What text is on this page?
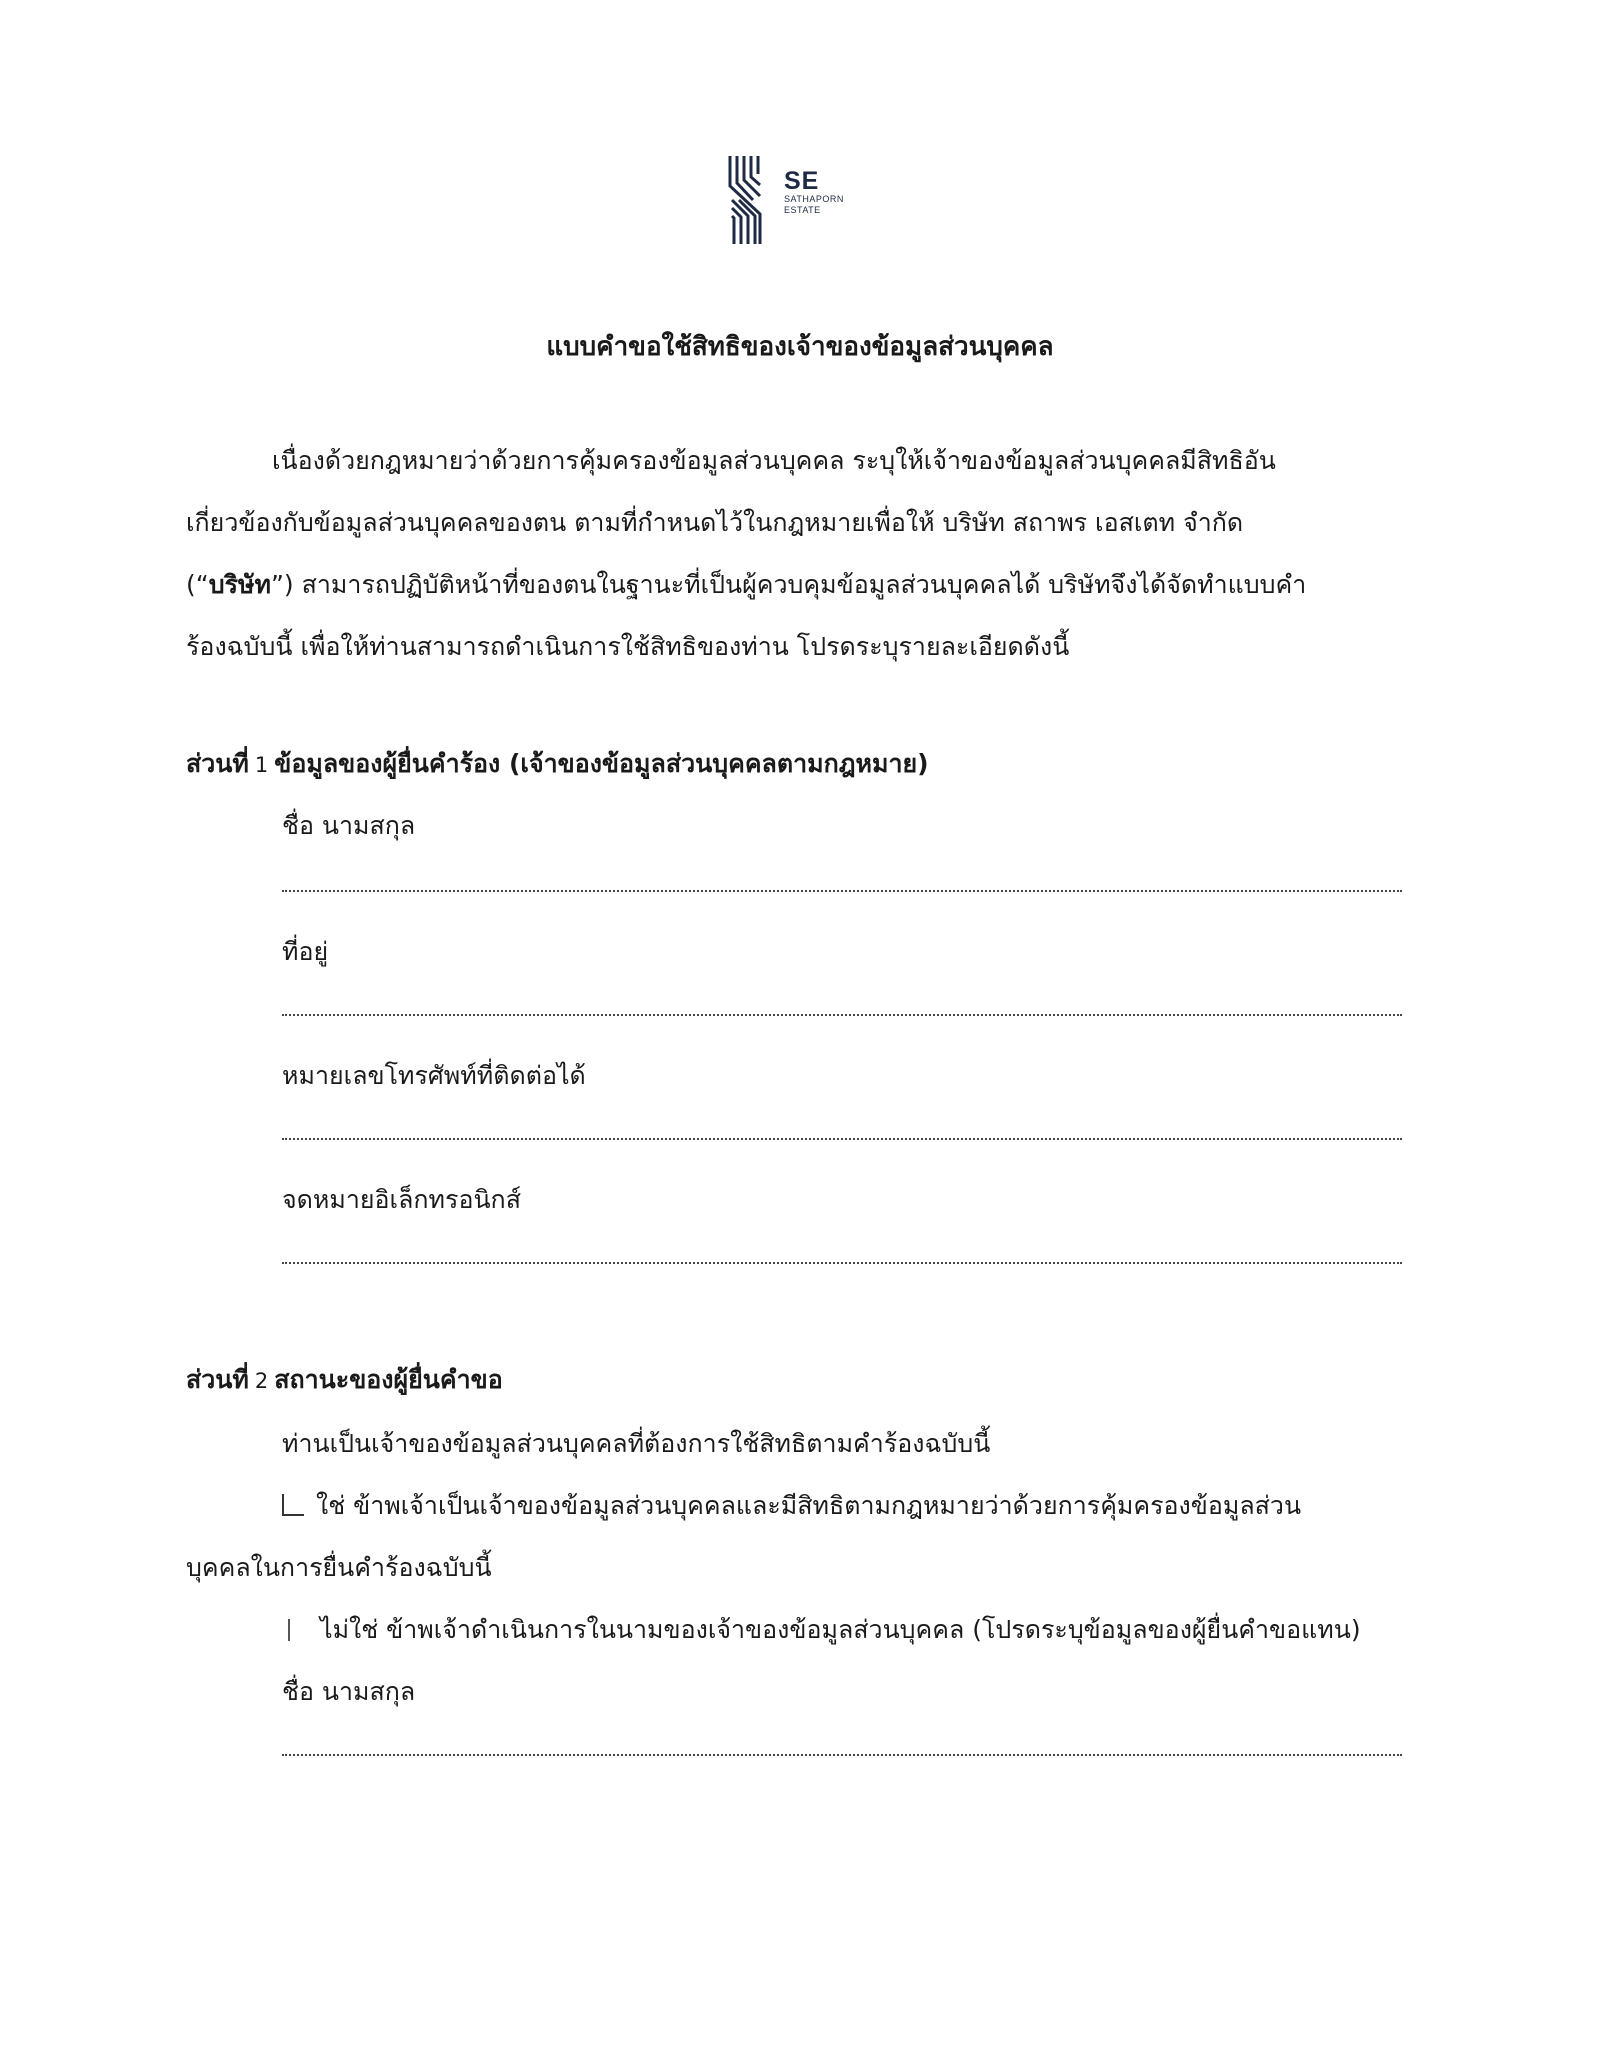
SE
SATHAPORN
ESTATE
แบบคำขอใช้สิทธิของเจ้าของข้อมูลส่วนบุคคล
เนื่องด้วยกฎหมายว่าด้วยการคุ้มครองข้อมูลส่วนบุคคล ระบุให้เจ้าของข้อมูลส่วนบุคคลมีสิทธิอัน
เกี่ยวข้องกับข้อมูลส่วนบุคคลของตน ตามที่กำหนดไว้ในกฎหมายเพื่อให้ บริษัท สถาพร เอสเตท จำกัด
(“บริษัท”) สามารถปฏิบัติหน้าที่ของตนในฐานะที่เป็นผู้ควบคุมข้อมูลส่วนบุคคลได้ บริษัทจึงได้จัดทำแบบคำ
ร้องฉบับนี้ เพื่อให้ท่านสามารถดำเนินการใช้สิทธิของท่าน โปรดระบุรายละเอียดดังนี้
ส่วนที่ 1 ข้อมูลของผู้ยื่นคำร้อง (เจ้าของข้อมูลส่วนบุคคลตามกฎหมาย)
ชื่อ นามสกุล
ที่อยู่
หมายเลขโทรศัพท์ที่ติดต่อได้
จดหมายอิเล็กทรอนิกส์
ส่วนที่ 2 สถานะของผู้ยื่นคำขอ
ท่านเป็นเจ้าของข้อมูลส่วนบุคคลที่ต้องการใช้สิทธิตามคำร้องฉบับนี้
ใช่ ข้าพเจ้าเป็นเจ้าของข้อมูลส่วนบุคคลและมีสิทธิตามกฎหมายว่าด้วยการคุ้มครองข้อมูลส่วน
บุคคลในการยื่นคำร้องฉบับนี้
ไม่ใช่ ข้าพเจ้าดำเนินการในนามของเจ้าของข้อมูลส่วนบุคคล (โปรดระบุข้อมูลของผู้ยื่นคำขอแทน)
ชื่อ นามสกุล
